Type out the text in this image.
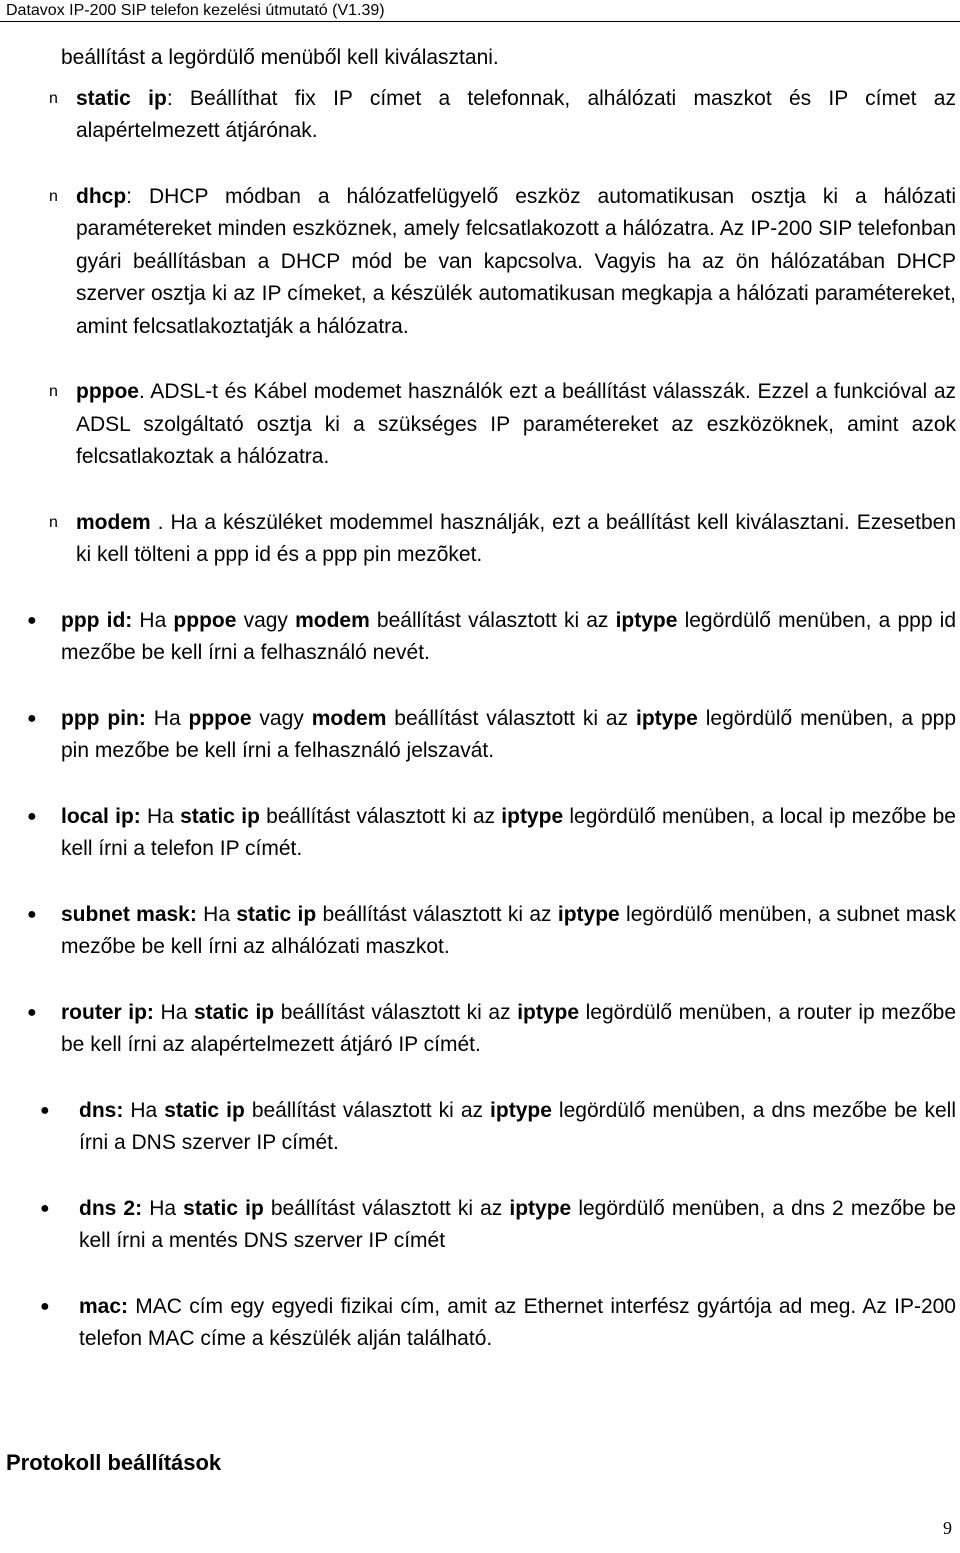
Datavox IP-200 SIP telefon kezelési útmutató (V1.39)
beállítást a legördülő menüből kell kiválasztani.
n static ip: Beállíthat fix IP címet a telefonnak, alhálózati maszkot és IP címet az alapértelmezett átjárónak.
n dhcp: DHCP módban a hálózatfelügyelő eszköz automatikusan osztja ki a hálózati paramétereket minden eszköznek, amely felcsatlakozott a hálózatra. Az IP-200 SIP telefonban gyári beállításban a DHCP mód be van kapcsolva. Vagyis ha az ön hálózatában DHCP szerver osztja ki az IP címeket, a készülék automatikusan megkapja a hálózati paramétereket, amint felcsatlakoztatják a hálózatra.
n pppoe. ADSL-t és Kábel modemet használók ezt a beállítást válasszák. Ezzel a funkcióval az ADSL szolgáltató osztja ki a szükséges IP paramétereket az eszközöknek, amint azok felcsatlakoztak a hálózatra.
n modem . Ha a készüléket modemmel használják, ezt a beállítást kell kiválasztani. Ezesetben ki kell tölteni a ppp id és a ppp pin mezõket.
●	ppp id: Ha pppoe vagy modem beállítást választott ki az iptype legördülő menüben, a ppp id mezőbe be kell írni a felhasználó nevét.
●	ppp pin: Ha pppoe vagy modem beállítást választott ki az iptype legördülő menüben, a ppp pin mezőbe be kell írni a felhasználó jelszavát.
●	local ip: Ha static ip beállítást választott ki az iptype legördülő menüben, a local ip mezőbe be kell írni a telefon IP címét.
●	subnet mask: Ha static ip beállítást választott ki az iptype legördülő menüben, a subnet mask mezőbe be kell írni az alhálózati maszkot.
●	router ip: Ha static ip beállítást választott ki az iptype legördülő menüben, a router ip mezőbe be kell írni az alapértelmezett átjáró IP címét.
●	dns: Ha static ip beállítást választott ki az iptype legördülő menüben, a dns mezőbe be kell írni a DNS szerver IP címét.
●	dns 2: Ha static ip beállítást választott ki az iptype legördülő menüben, a dns 2 mezőbe be kell írni a mentés DNS szerver IP címét
●	mac: MAC cím egy egyedi fizikai cím, amit az Ethernet interfész gyártója ad meg. Az IP-200 telefon MAC címe a készülék alján található.
Protokoll beállítások
9
